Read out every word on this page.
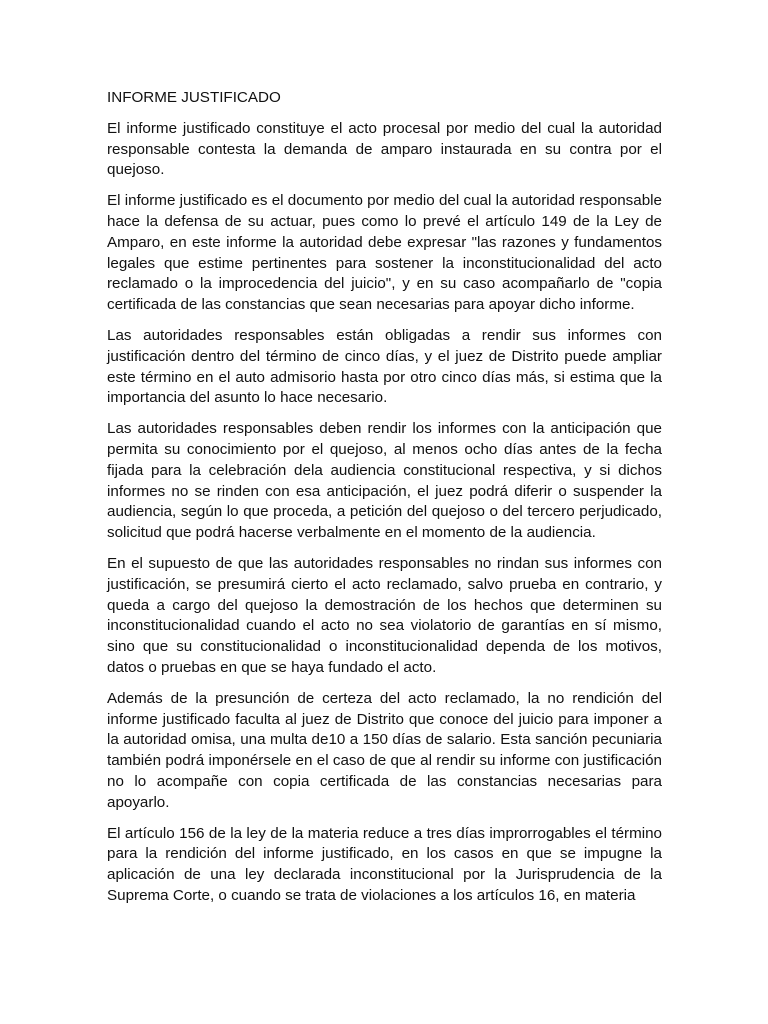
INFORME JUSTIFICADO

El informe justificado constituye el acto procesal por medio del cual la autoridad responsable contesta la demanda de amparo instaurada en su contra por el quejoso.

El informe justificado es el documento por medio del cual la autoridad responsable hace la defensa de su actuar, pues como lo prevé el artículo 149 de la Ley de Amparo, en este informe la autoridad debe expresar "las razones y fundamentos legales que estime pertinentes para sostener la inconstitucionalidad del acto reclamado o la improcedencia del juicio", y en su caso acompañarlo de "copia certificada de las constancias que sean necesarias para apoyar dicho informe.

Las autoridades responsables están obligadas a rendir sus informes con justificación dentro del término de cinco días, y el juez de Distrito puede ampliar este término en el auto admisorio hasta por otro cinco días más, si estima que la importancia del asunto lo hace necesario.

Las autoridades responsables deben rendir los informes con la anticipación que permita su conocimiento por el quejoso, al menos ocho días antes de la fecha fijada para la celebración dela audiencia constitucional respectiva, y si dichos informes no se rinden con esa anticipación, el juez podrá diferir o suspender la audiencia, según lo que proceda, a petición del quejoso o del tercero perjudicado, solicitud que podrá hacerse verbalmente en el momento de la audiencia.

En el supuesto de que las autoridades responsables no rindan sus informes con justificación, se presumirá cierto el acto reclamado, salvo prueba en contrario, y queda a cargo del quejoso la demostración de los hechos que determinen su inconstitucionalidad cuando el acto no sea violatorio de garantías en sí mismo, sino que su constitucionalidad o inconstitucionalidad dependa de los motivos, datos o pruebas en que se haya fundado el acto.

Además de la presunción de certeza del acto reclamado, la no rendición del informe justificado faculta al juez de Distrito que conoce del juicio para imponer a la autoridad omisa, una multa de10 a 150 días de salario. Esta sanción pecuniaria también podrá imponérsele en el caso de que al rendir su informe con justificación no lo acompañe con copia certificada de las constancias necesarias para apoyarlo.

El artículo 156 de la ley de la materia reduce a tres días improrrogables el término para la rendición del informe justificado, en los casos en que se impugne la aplicación de una ley declarada inconstitucional por la Jurisprudencia de la Suprema Corte, o cuando se trata de violaciones a los artículos 16, en materia
